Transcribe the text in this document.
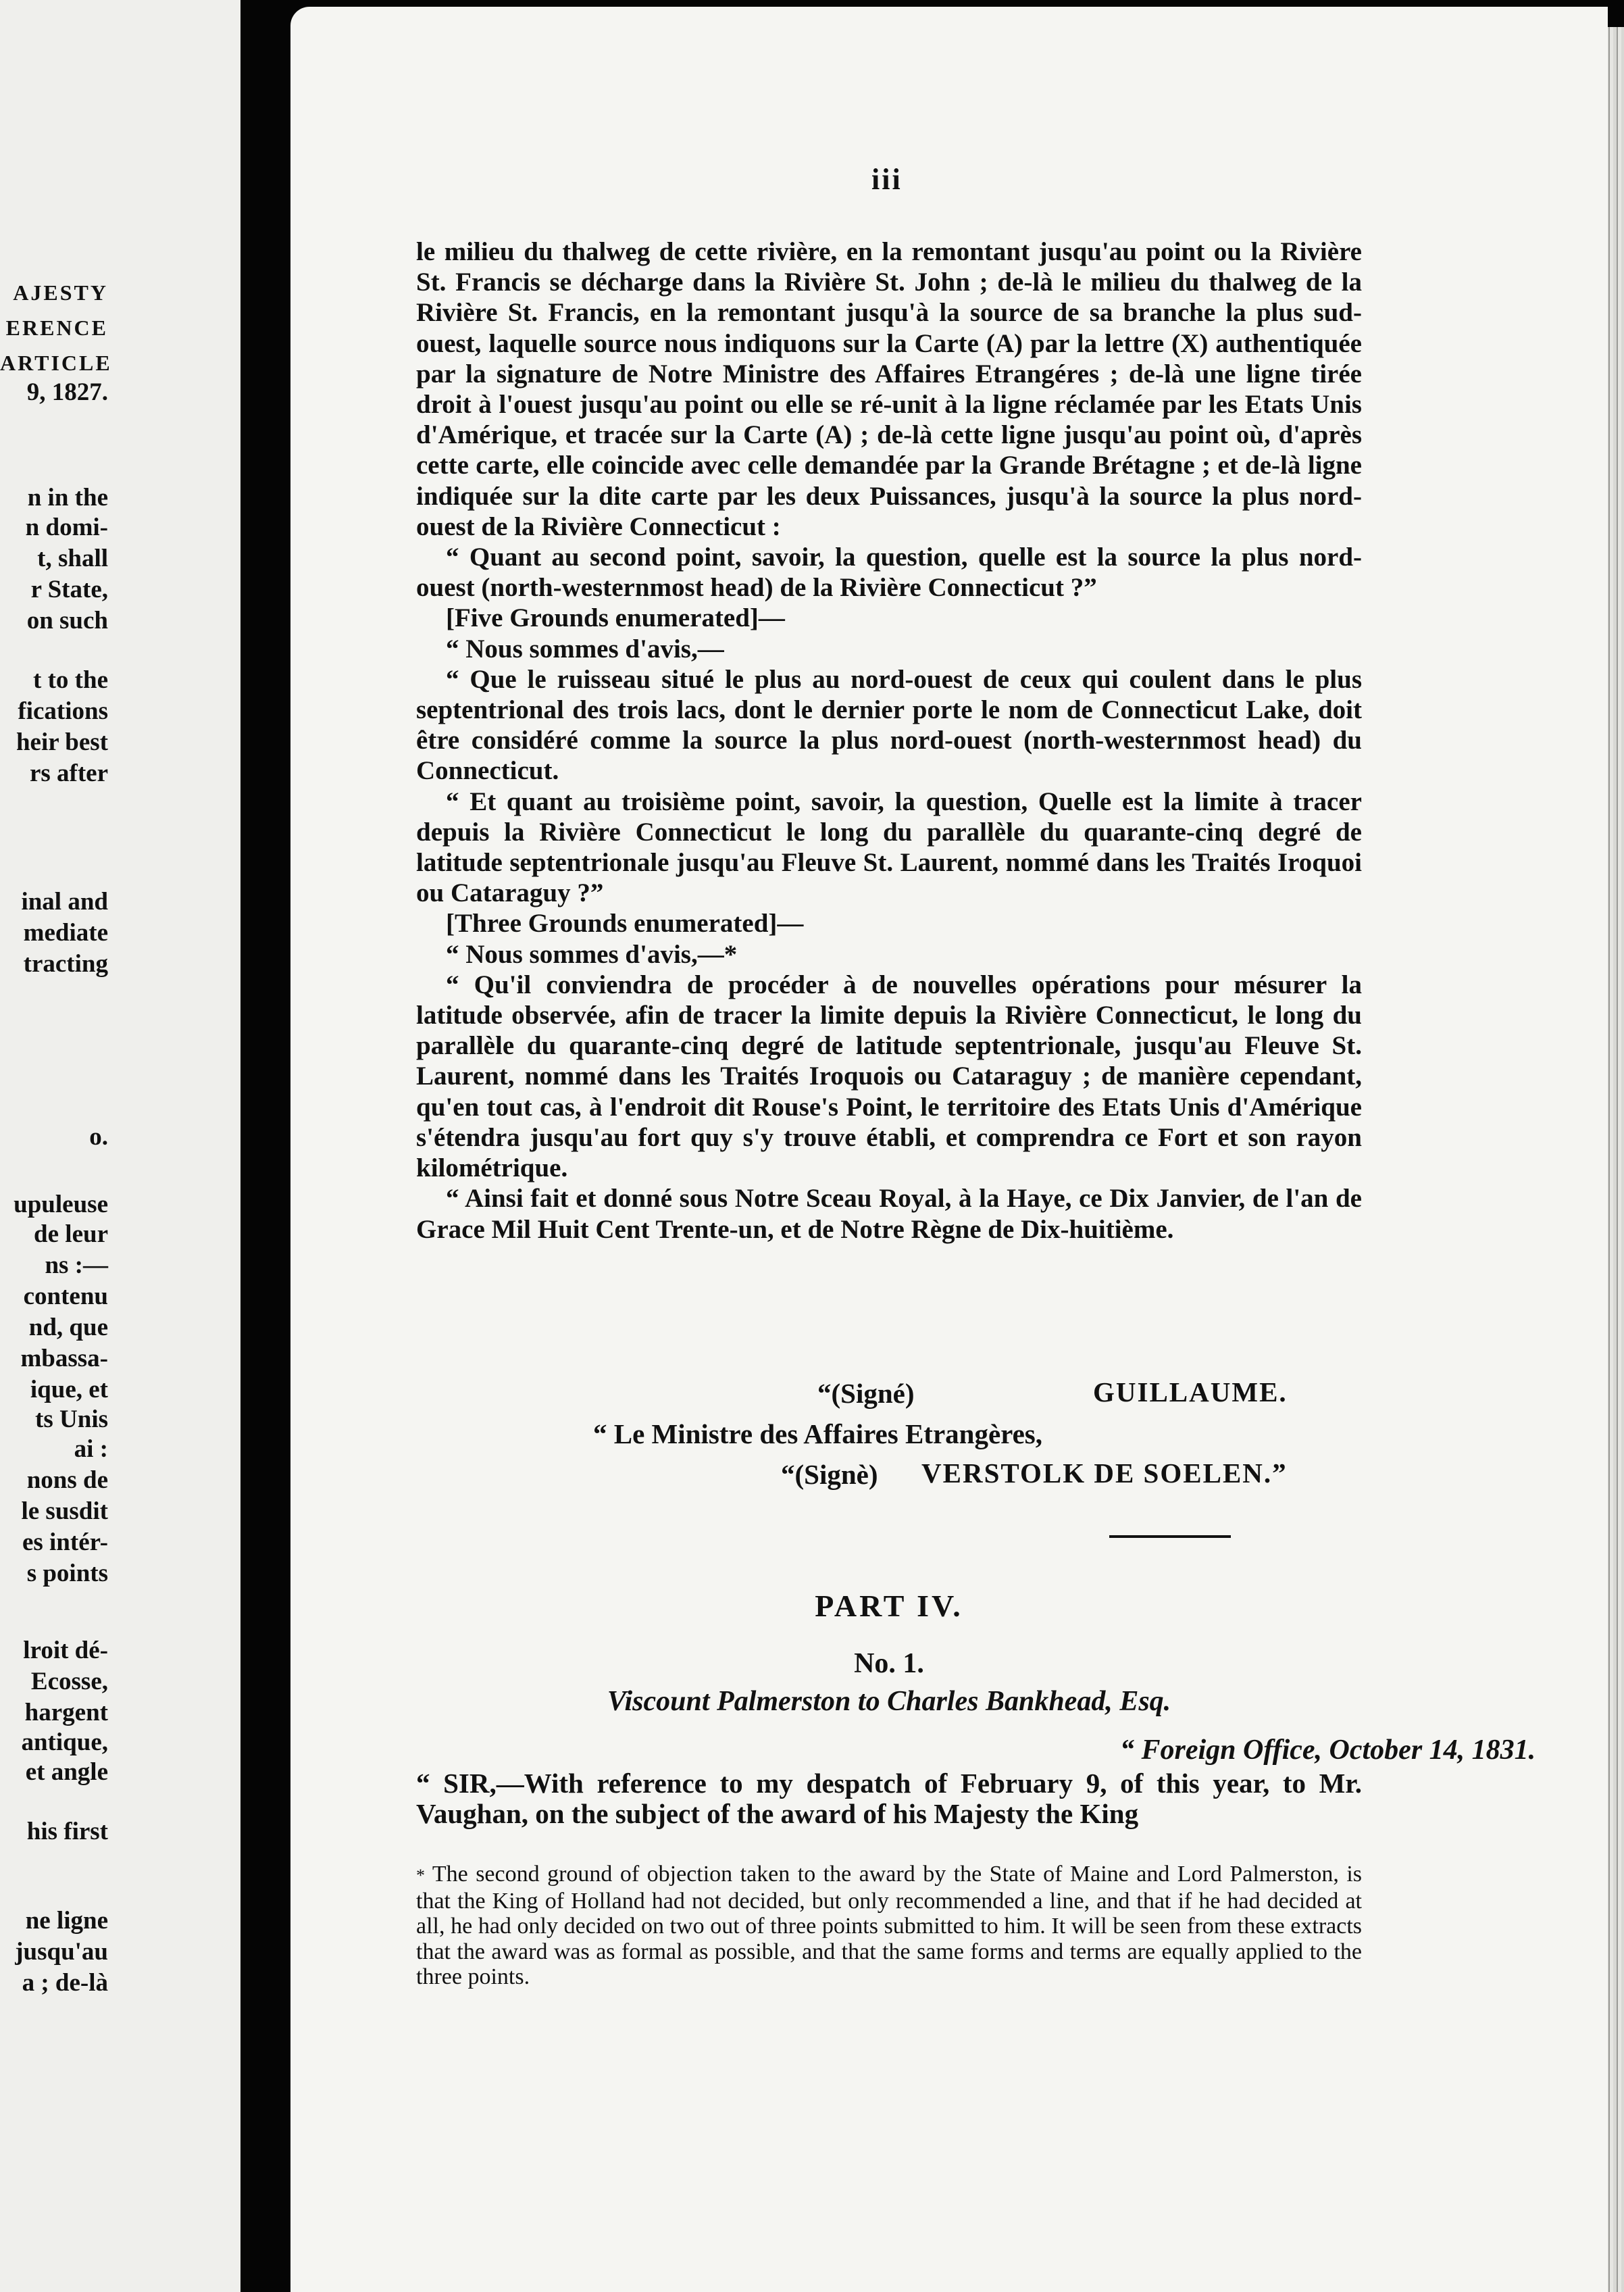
AJESTY
ERENCE
ARTICLE
9, 1827.
n in the
n domi-
t, shall
r State,
on such
t to the
fications
heir best
rs after
inal and
mediate
tracting
o.
upuleuse
de leur
ns :—
contenu
nd, que
mbassa-
ique, et
ts Unis
ai :
nons de
le susdit
es intér-
s points
lroit dé-
Ecosse,
hargent
antique,
et angle
his first
ne ligne
jusqu'au
a ; de-là
iii

le milieu du thalweg de cette rivière, en la remontant jusqu'au point ou la Rivière St. Francis se décharge dans la Rivière St. John ; de-là le milieu du thalweg de la Rivière St. Francis, en la remontant jusqu'à la source de sa branche la plus sud-ouest, laquelle source nous indiquons sur la Carte (A) par la lettre (X) authentiquée par la signature de Notre Ministre des Affaires Etrangéres ; de-là une ligne tirée droit à l'ouest jusqu'au point ou elle se ré-unit à la ligne réclamée par les Etats Unis d'Amérique, et tracée sur la Carte (A) ; de-là cette ligne jusqu'au point où, d'après cette carte, elle coincide avec celle demandée par la Grande Brétagne ; et de-là ligne indiquée sur la dite carte par les deux Puissances, jusqu'à la source la plus nord-ouest de la Rivière Connecticut :

“ Quant au second point, savoir, la question, quelle est la source la plus nord-ouest (north-westernmost head) de la Rivière Connecticut ?”

[Five Grounds enumerated]—

“ Nous sommes d'avis,—

“ Que le ruisseau situé le plus au nord-ouest de ceux qui coulent dans le plus septentrional des trois lacs, dont le dernier porte le nom de Connecticut Lake, doit être considéré comme la source la plus nord-ouest (north-westernmost head) du Connecticut.

“ Et quant au troisième point, savoir, la question, Quelle est la limite à tracer depuis la Rivière Connecticut le long du parallèle du quarante-cinq degré de latitude septentrionale jusqu'au Fleuve St. Laurent, nommé dans les Traités Iroquoi ou Cataraguy ?”

[Three Grounds enumerated]—

“ Nous sommes d'avis,—*

“ Qu'il conviendra de procéder à de nouvelles opérations pour mésurer la latitude observée, afin de tracer la limite depuis la Rivière Connecticut, le long du parallèle du quarante-cinq degré de latitude septentrionale, jusqu'au Fleuve St. Laurent, nommé dans les Traités Iroquois ou Cataraguy ; de manière cependant, qu'en tout cas, à l'endroit dit Rouse's Point, le territoire des Etats Unis d'Amérique s'étendra jusqu'au fort quy s'y trouve établi, et comprendra ce Fort et son rayon kilométrique.

“ Ainsi fait et donné sous Notre Sceau Royal, à la Haye, ce Dix Janvier, de l'an de Grace Mil Huit Cent Trente-un, et de Notre Règne de Dix-huitième.

“(Signé)	GUILLAUME.
“ Le Ministre des Affaires Etrangères,
“(Signè) VERSTOLK DE SOELEN.”
PART IV.
No. 1.
Viscount Palmerston to Charles Bankhead, Esq.
“ Foreign Office, October 14, 1831.
“ SIR,—With reference to my despatch of February 9, of this year, to Mr. Vaughan, on the subject of the award of his Majesty the King
* The second ground of objection taken to the award by the State of Maine and Lord Palmerston, is that the King of Holland had not decided, but only recommended a line, and that if he had decided at all, he had only decided on two out of three points submitted to him. It will be seen from these extracts that the award was as formal as possible, and that the same forms and terms are equally applied to the three points.
